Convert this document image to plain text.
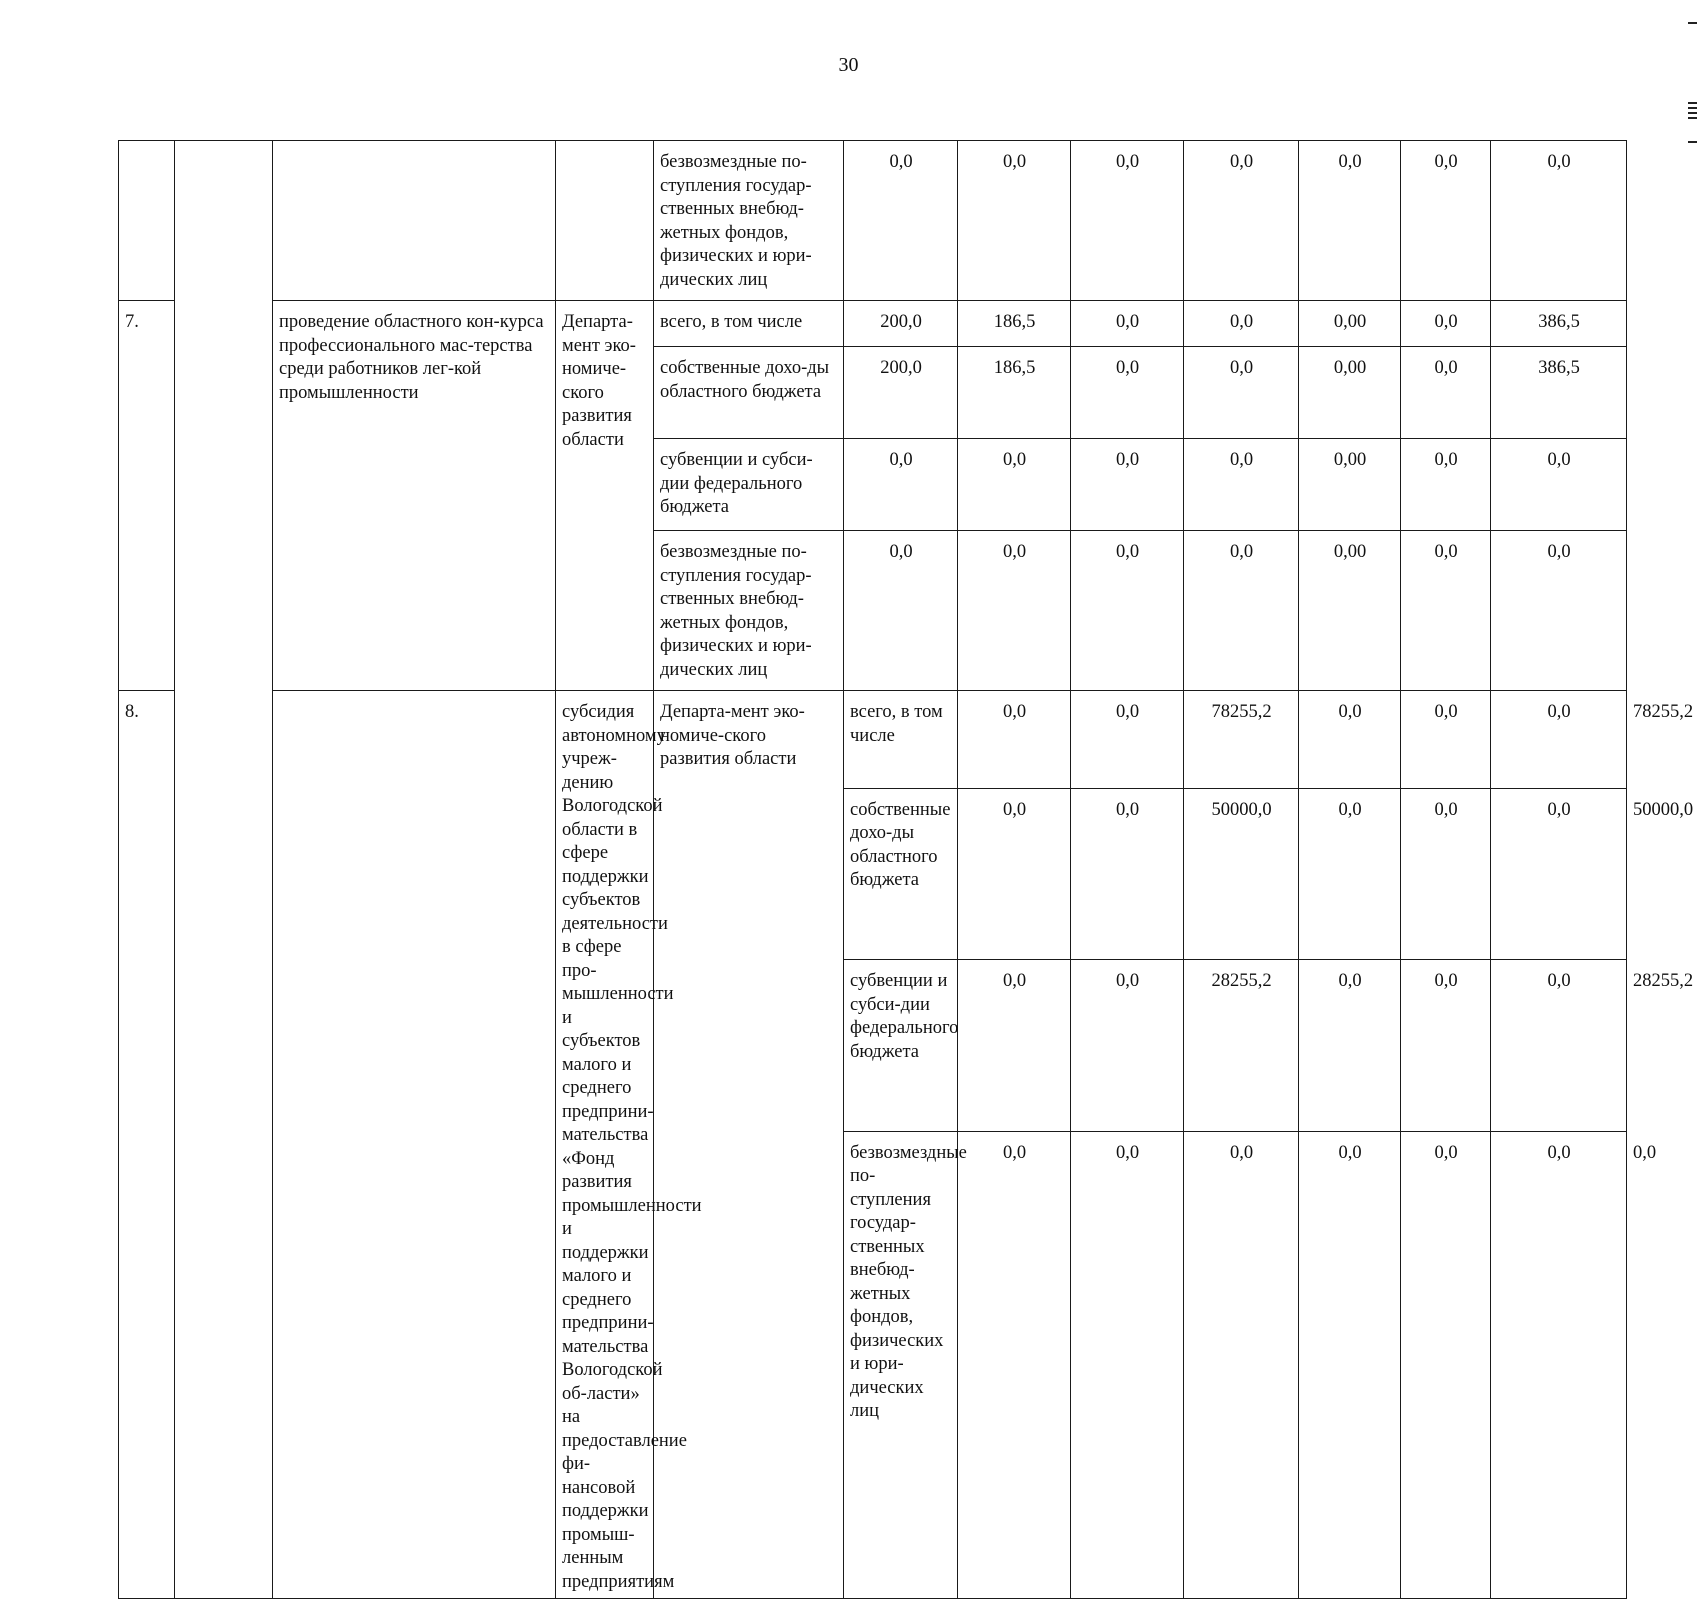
30
				безвозмездные по-ступления государ-ственных внебюд-жетных фондов, физических и юри-дических лиц	0,0	0,0	0,0	0,0	0,0	0,0	0,0	
7.		проведение областного кон-курса профессионального мас-терства среди работников лег-кой промышленности	Департа-мент эко-номиче-ского развития области	всего, в том числе	200,0	186,5	0,0	0,0	0,00	0,0	386,5	
				собственные дохо-ды областного бюджета	200,0	186,5	0,0	0,0	0,00	0,0	386,5	
				субвенции и субси-дии федерального бюджета	0,0	0,0	0,0	0,0	0,00	0,0	0,0	
				безвозмездные по-ступления государ-ственных внебюд-жетных фондов, физических и юри-дических лиц	0,0	0,0	0,0	0,0	0,00	0,0	0,0	
8.			субсидия автономному учреж-дению Вологодской области в сфере поддержки субъектов деятельности в сфере про-мышленности и субъектов малого и среднего предприни-мательства «Фонд развития промышленности и поддержки малого и среднего предприни-мательства Вологодской об-ласти» на предоставление фи-нансовой поддержки промыш-ленным предприятиям	Департа-мент эко-номиче-ского развития области	всего, в том числе	0,0	0,0	78255,2	0,0	0,0	0,0	78255,2
					собственные дохо-ды областного бюджета	0,0	0,0	50000,0	0,0	0,0	0,0	50000,0
					субвенции и субси-дии федерального бюджета	0,0	0,0	28255,2	0,0	0,0	0,0	28255,2
					безвозмездные по-ступления государ-ственных внебюд-жетных фондов, физических и юри-дических лиц	0,0	0,0	0,0	0,0	0,0	0,0	0,0
